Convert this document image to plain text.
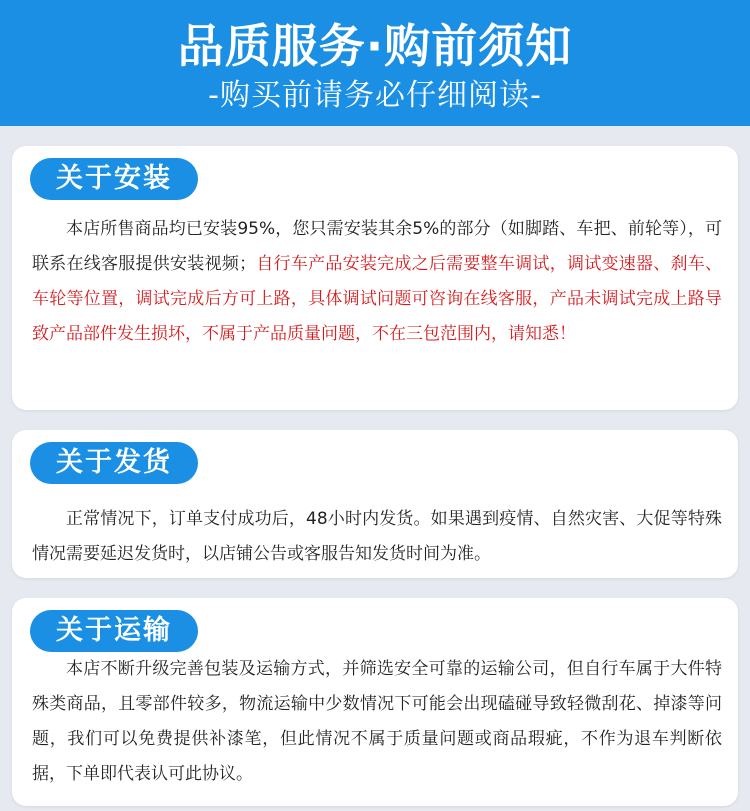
品质服务·购前须知
-购买前请务必仔细阅读-
关于安装

本店所售商品均已安装95%，您只需安装其余5%的部分（如脚踏、车把、前轮等），可联系在线客服提供安装视频；自行车产品安装完成之后需要整车调试，调试变速器、刹车、车轮等位置，调试完成后方可上路，具体调试问题可咨询在线客服，产品未调试完成上路导致产品部件发生损坏，不属于产品质量问题，不在三包范围内，请知悉！

关于发货

正常情况下，订单支付成功后，48小时内发货。如果遇到疫情、自然灾害、大促等特殊情况需要延迟发货时，以店铺公告或客服告知发货时间为准。

关于运输

本店不断升级完善包装及运输方式，并筛选安全可靠的运输公司，但自行车属于大件特殊类商品，且零部件较多，物流运输中少数情况下可能会出现磕碰导致轻微刮花、掉漆等问题，我们可以免费提供补漆笔，但此情况不属于质量问题或商品瑕疵，不作为退车判断依据，下单即代表认可此协议。
